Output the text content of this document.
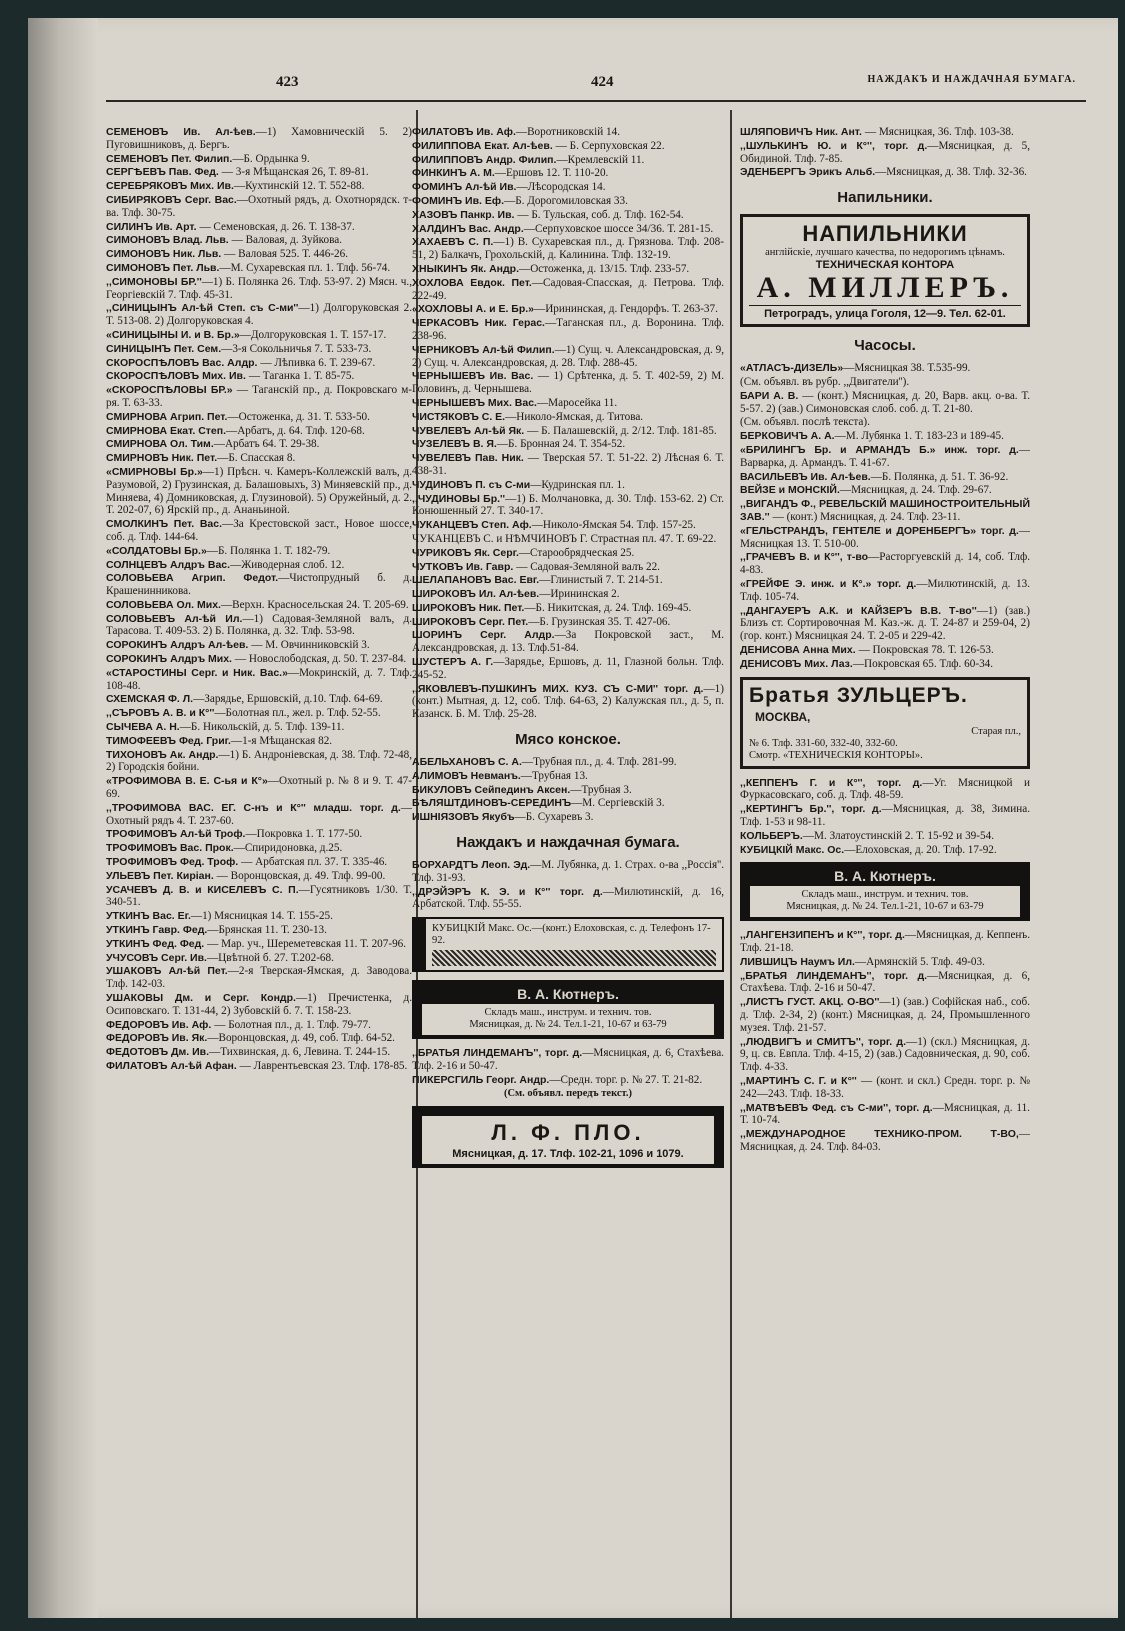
423	424	НАЖДАКЪ И НАЖДАЧНАЯ БУМАГА.

СЕМЕНОВЪ Ив. Ал-ѣев.—1) Хамовническій 5. 2) Пуговишниковъ, д. Бергъ.

СЕМЕНОВЪ Пет. Филип.—Б. Ордынка 9.

СЕРГѢЕВЪ Пав. Фед. — 3-я Мѣщанская 26, Т. 89-81.

СЕРЕБРЯКОВЪ Мих. Ив.—Кухтинскій 12. Т. 552-88.

СИБИРЯКОВЪ Серг. Вас.—Охотный рядъ, д. Охотнорядск. т-ва. Тлф. 30-75.

СИЛИНЪ Ив. Арт. — Семеновская, д. 26. Т. 138-37.

СИМОНОВЪ Влад. Льв. — Валовая, д. Зуйкова.

СИМОНОВЪ Ник. Льв. — Валовая 525. Т. 446-26.

СИМОНОВЪ Пет. Льв.—М. Сухаревская пл. 1. Тлф. 56-74.

,,СИМОНОВЫ БР.''—1) Б. Полянка 26. Тлф. 53-97. 2) Мясн. ч., Георгіевскій 7. Тлф. 45-31.

,,СИНИЦЫНЪ Ал-ѣй Степ. съ С-ми''—1) Долгоруковская 2. Т. 513-08. 2) Долгоруковская 4.

«СИНИЦЫНЫ И. и В. Бр.»—Долгоруковская 1. Т. 157-17.

СИНИЦЫНЪ Пет. Сем.—3-я Сокольничья 7. Т. 533-73.

СКОРОСПѢЛОВЪ Вас. Алдр. — Лѣпивка 6. Т. 239-67.

СКОРОСПѢЛОВЪ Мих. Ив. — Таганка 1. Т. 85-75.

«СКОРОСПѢЛОВЫ БР.» — Таганскій пр., д. Покровскаго м-ря. Т. 63-33.

СМИРНОВА Агрип. Пет.—Остоженка, д. 31. Т. 533-50.

СМИРНОВА Екат. Степ.—Арбатъ, д. 64. Тлф. 120-68.

СМИРНОВА Ол. Тим.—Арбатъ 64. Т. 29-38.

СМИРНОВЪ Ник. Пет.—Б. Спасская 8.

«СМИРНОВЫ Бр.»—1) Прѣсн. ч. Камеръ-Коллежскій валъ, д. Разумовой, 2) Грузинская, д. Балашовыхъ, 3) Миняевскій пр., д. Миняева, 4) Домниковская, д. Глузиновой). 5) Оружейный, д. 2. Т. 202-07, 6) Ярскій пр., д. Ананьиной.

СМОЛКИНЪ Пет. Вас.—За Крестовской заст., Новое шоссе, соб. д. Тлф. 144-64.

«СОЛДАТОВЫ Бр.»—Б. Полянка 1. Т. 182-79.

СОЛНЦЕВЪ Алдръ Вас.—Живодерная слоб. 12.

СОЛОВЬЕВА Агрип. Федот.—Чистопрудный б. д. Крашенинникова.

СОЛОВЬЕВА Ол. Мих.—Верхн. Красносельская 24. Т. 205-69.

СОЛОВЬЕВЪ Ал-ѣй Ил.—1) Садовая-Земляной валъ, д. Тарасова. Т. 409-53. 2) Б. Полянка, д. 32. Тлф. 53-98.

СОРОКИНЪ Алдръ Ал-ѣев. — М. Овчинниковскій 3.

СОРОКИНЪ Алдръ Мих. — Новослободская, д. 50. Т. 237-84.

«СТАРОСТИНЫ Серг. и Ник. Вас.»—Мокринскій, д. 7. Тлф. 108-48.

СХЕМСКАЯ Ф. Л.—Зарядье, Ершовскій, д.10. Тлф. 64-69.

,,СЪРОВЪ А. В. и К°''—Болотная пл., жел. р. Тлф. 52-55.

СЫЧЕВА А. Н.—Б. Никольскій, д. 5. Тлф. 139-11.

ТИМОФЕЕВЪ Фед. Григ.—1-я Мѣщанская 82.

ТИХОНОВЪ Ак. Андр.—1) Б. Андроніевская, д. 38. Тлф. 72-48, 2) Городскія бойни.

«ТРОФИМОВА В. Е. С-ья и К°»—Охотный р. № 8 и 9. Т. 47-69.

,,ТРОФИМОВА ВАС. ЕГ. С-нъ и К°'' младш. торг. д.—Охотный рядъ 4. Т. 237-60.

ТРОФИМОВЪ Ал-ѣй Троф.—Покровка 1. Т. 177-50.

ТРОФИМОВЪ Вас. Прок.—Спиридоновка, д.25.

ТРОФИМОВЪ Фед. Троф. — Арбатская пл. 37. Т. 335-46.

УЛЬЕВЪ Пет. Киріан. — Воронцовская, д. 49. Тлф. 99-00.

УСАЧЕВЪ Д. В. и КИСЕЛЕВЪ С. П.—Гусятниковъ 1/30. Т. 340-51.

УТКИНЪ Вас. Ег.—1) Мясницкая 14. Т. 155-25.

УТКИНЪ Гавр. Фед.—Брянская 11. Т. 230-13.

УТКИНЪ Фед. Фед. — Мар. уч., Шереметевская 11. Т. 207-96.

УЧУСОВЪ Серг. Ив.—Цвѣтной б. 27. Т.202-68.

УШАКОВЪ Ал-ѣй Пет.—2-я Тверская-Ямская, д. Заводова. Тлф. 142-03.

УШАКОВЫ Дм. и Серг. Кондр.—1) Пречистенка, д. Осиповскаго. Т. 131-44, 2) Зубовскій б. 7. Т. 158-23.

ФЕДОРОВЪ Ив. Аф. — Болотная пл., д. 1. Тлф. 79-77.

ФЕДОРОВЪ Ив. Як.—Воронцовская, д. 49, соб. Тлф. 64-52.

ФЕДОТОВЪ Дм. Ив.—Тихвинская, д. 6, Левина. Т. 244-15.

ФИЛАТОВЪ Ал-ѣй Афан. — Лаврентьевская 23. Тлф. 178-85.

ФИЛАТОВЪ Ив. Аф.—Воротниковскій 14.

ФИЛИППОВА Екат. Ал-ѣев. — Б. Серпуховская 22.

ФИЛИППОВЪ Андр. Филип.—Кремлевскій 11.

ФИНКИНЪ А. М.—Ершовъ 12. Т. 110-20.

ФОМИНЪ Ал-ѣй Ив.—Лѣсородская 14.

ФОМИНЪ Ив. Еф.—Б. Дорогомиловская 33.

ХАЗОВЪ Панкр. Ив. — Б. Тульская, соб. д. Тлф. 162-54.

ХАЛДИНЪ Вас. Андр.—Серпуховское шоссе 34/36. Т. 281-15.

ХАХАЕВЪ С. П.—1) В. Сухаревская пл., д. Грязнова. Тлф. 208-51, 2) Балкачъ, Грохольскій, д. Калинина. Тлф. 132-19.

ХНЫКИНЪ Як. Андр.—Остоженка, д. 13/15. Тлф. 233-57.

ХОХЛОВА Евдок. Пет.—Садовая-Спасская, д. Петрова. Тлф. 222-49.

«ХОХЛОВЫ А. и Е. Бр.»—Ирининская, д. Гендорфъ. Т. 263-37.

ЧЕРКАСОВЪ Ник. Герас.—Таганская пл., д. Воронина. Тлф. 238-96.

ЧЕРНИКОВЪ Ал-ѣй Филип.—1) Сущ. ч. Александровская, д. 9, 2) Сущ. ч. Александровская, д. 28. Тлф. 288-45.

ЧЕРНЫШЕВЪ Ив. Вас. — 1) Срѣтенка, д. 5. Т. 402-59, 2) М. Головинъ, д. Чернышева.

ЧЕРНЫШЕВЪ Мих. Вас.—Маросейка 11.

ЧИСТЯКОВЪ С. Е.—Николо-Ямская, д. Титова.

ЧУВЕЛЕВЪ Ал-ѣй Як. — Б. Палашевскій, д. 2/12. Тлф. 181-85.

ЧУЗЕЛЕВЪ В. Я.—Б. Бронная 24. Т. 354-52.

ЧУВЕЛЕВЪ Пав. Ник. — Тверская 57. Т. 51-22. 2) Лѣсная 6. Т. 438-31.

ЧУДИНОВЪ П. съ С-ми—Кудринская пл. 1.

,,ЧУДИНОВЫ Бр.''—1) Б. Молчановка, д. 30. Тлф. 153-62. 2) Ст. Конюшенный 27. Т. 340-17.

ЧУКАНЦЕВЪ Степ. Аф.—Николо-Ямская 54. Тлф. 157-25.

ЧУКАНЦЕВЪ С. и НѢМЧИНОВЪ Г. Страстная пл. 47. Т. 69-22.

ЧУРИКОВЪ Як. Серг.—Старообрядческая 25.

ЧУТКОВЪ Ив. Гавр. — Садовая-Земляной валъ 22.

ШЕЛАПАНОВЪ Вас. Евг.—Глинистый 7. Т. 214-51.

ШИРОКОВЪ Ил. Ал-ѣев.—Ирининская 2.

ШИРОКОВЪ Ник. Пет.—Б. Никитская, д. 24. Тлф. 169-45.

ШИРОКОВЪ Серг. Пет.—Б. Грузинская 35. Т. 427-06.

ШОРИНЪ Серг. Алдр.—За Покровской заст., М. Александровская, д. 13. Тлф.51-84.

ШУСТЕРЪ А. Г.—Зарядье, Ершовъ, д. 11, Глазной больн. Тлф. 245-52.

,,ЯКОВЛЕВЪ-ПУШКИНЪ МИХ. КУЗ. СЪ С-МИ'' торг. д.—1) (конт.) Мытная, д. 12, соб. Тлф. 64-63, 2) Калужская пл., д. 5, п. Казанск. Б. М. Тлф. 25-28.

Мясо конское.

АБЕЛЬХАНОВЪ С. А.—Трубная пл., д. 4. Тлф. 281-99.

АЛИМОВЪ Невманъ.—Трубная 13.

БИКУЛОВЪ Сейпединъ Аксен.—Трубная 3.

БѢЛЯШТДИНОВЪ-СЕРЕДИНЪ—М. Сергіевскій 3.

ИШНІЯЗОВЪ Якубъ—Б. Сухаревъ 3.

Наждакъ и наждачная бумага.

БОРХАРДТЪ Леоп. Эд.—М. Лубянка, д. 1. Страх. о-ва ,,Россія''. Тлф. 31-93.

,,ДРЭЙЭРЪ К. Э. и К°'' торг. д.—Милютинскій, д. 16, Арбатской. Тлф. 55-55.

КУБИЦКІЙ Макс. Ос.—(конт.) Елоховская, с. д. Телефонъ 17-92.
В. А. Кютнеръ.
Складъ маш., инструм. и технич. тов.
Мясницкая, д. № 24. Тел.1-21, 10-67 и 63-79

,,БРАТЬЯ ЛИНДЕМАНЪ'', торг. д.—Мясницкая, д. 6, Стахѣева. Тлф. 2-16 и 50-47.

ПИКЕРСГИЛЬ Георг. Андр.—Средн. торг. р. № 27. Т. 21-82.

(См. объявл. передъ текст.)

Л. Ф. ПЛО.
Мясницкая, д. 17. Тлф. 102-21, 1096 и 1079.

ШЛЯПОВИЧЪ Ник. Ант. — Мясницкая, 36. Тлф. 103-38.

,,ШУЛЬКИНЪ Ю. и К°'', торг. д.—Мясницкая, д. 5, Обидиной. Тлф. 7-85.

ЭДЕНБЕРГЪ Эрикъ Альб.—Мясницкая, д. 38. Тлф. 32-36.

Напильники.
НАПИЛЬНИКИ
англійскіе, лучшаго качества, по недорогимъ цѣнамъ.
ТЕХНИЧЕСКАЯ КОНТОРА
А. МИЛЛЕРЪ.
Петроградъ, улица Гоголя, 12—9. Тел. 62-01.
Часосы.

«АТЛАСЪ-ДИЗЕЛЬ»—Мясницкая 38. Т.535-99.

(См. объявл. въ рубр. ,,Двигатели'').

БАРИ А. В. — (конт.) Мясницкая, д. 20, Варв. акц. о-ва. Т. 5-57. 2) (зав.) Симоновская слоб. соб. д. Т. 21-80.

(См. объявл. послѣ текста).

БЕРКОВИЧЪ А. А.—М. Лубянка 1. Т. 183-23 и 189-45.

«БРИЛИНГЪ Бр. и АРМАНДЪ Б.» инж. торг. д.—Варварка, д. Армандъ. Т. 41-67.

ВАСИЛЬЕВЪ Ив. Ал-ѣев.—Б. Полянка, д. 51. Т. 36-92.

ВЕЙЗЕ и МОНСКІЙ.—Мясницкая, д. 24. Тлф. 29-67.

,,ВИГАНДЪ Ф., РЕВЕЛЬСКІЙ МАШИНОСТРОИТЕЛЬНЫЙ ЗАВ.'' — (конт.) Мясницкая, д. 24. Тлф. 23-11.

«ГЕЛЬСТРАНДЪ, ГЕНТЕЛЕ и ДОРЕНБЕРГЪ» торг. д.—Мясницкая 13. Т. 510-00.

,,ГРАЧЕВЪ В. и К°'', т-во—Расторгуевскій д. 14, соб. Тлф. 4-83.

«ГРЕЙФЕ Э. инж. и К°.» торг. д.—Милютинскій, д. 13. Тлф. 105-74.

,,ДАНГАУЕРЪ А.К. и КАЙЗЕРЪ В.В. Т-во''—1) (зав.) Близъ ст. Сортировочная М. Каз.-ж. д. Т. 24-87 и 259-04, 2) (гор. конт.) Мясницкая 24. Т. 2-05 и 229-42.

ДЕНИСОВА Анна Мих. — Покровская 78. Т. 126-53.

ДЕНИСОВЪ Мих. Лаз.—Покровская 65. Тлф. 60-34.

Братья ЗУЛЬЦЕРЪ. МОСКВА,
Старая пл.,
№ 6. Тлф. 331-60, 332-40, 332-60.
Смотр. «ТЕХНИЧЕСКІЯ КОНТОРЫ».

,,КЕППЕНЪ Г. и К°'', торг. д.—Уг. Мясницкой и Фуркасовскаго, соб. д. Тлф. 48-59.

,,КЕРТИНГЪ Бр.'', торг. д.—Мясницкая, д. 38, Зимина. Тлф. 1-53 и 98-11.

КОЛЬБЕРЪ.—М. Златоустинскій 2. Т. 15-92 и 39-54.

КУБИЦКІЙ Макс. Ос.—Елоховская, д. 20. Тлф. 17-92.

В. А. Кютнеръ.
Складъ маш., инструм. и технич. тов.
Мясницкая, д. № 24. Тел.1-21, 10-67 и 63-79

,,ЛАНГЕНЗИПЕНЪ и К°'', торг. д.—Мясницкая, д. Кеппенъ. Тлф. 21-18.

ЛИВШИЦЪ Наумъ Ил.—Армянскій 5. Тлф. 49-03.

„БРАТЬЯ ЛИНДЕМАНЪ'', торг. д.—Мясницкая, д. 6, Стахѣева. Тлф. 2-16 и 50-47.

,,ЛИСТЪ ГУСТ. АКЦ. О-ВО''—1) (зав.) Софійская наб., соб. д. Тлф. 2-34, 2) (конт.) Мясницкая, д. 24, Промышленного музея. Тлф. 21-57.

,,ЛЮДВИГЪ и СМИТЪ'', торг. д.—1) (скл.) Мясницкая, д. 9, ц. св. Евпла. Тлф. 4-15, 2) (зав.) Садовническая, д. 90, соб. Тлф. 4-33.

,,МАРТИНЪ С. Г. и К°'' — (конт. и скл.) Средн. торг. р. № 242—243. Тлф. 18-33.

,,МАТВѢЕВЪ Фед. съ С-ми'', торг. д.—Мясницкая, д. 11. Т. 10-74.

,,МЕЖДУНАРОДНОЕ ТЕХНИКО-ПРОМ. Т-ВО,—Мясницкая, д. 24. Тлф. 84-03.
